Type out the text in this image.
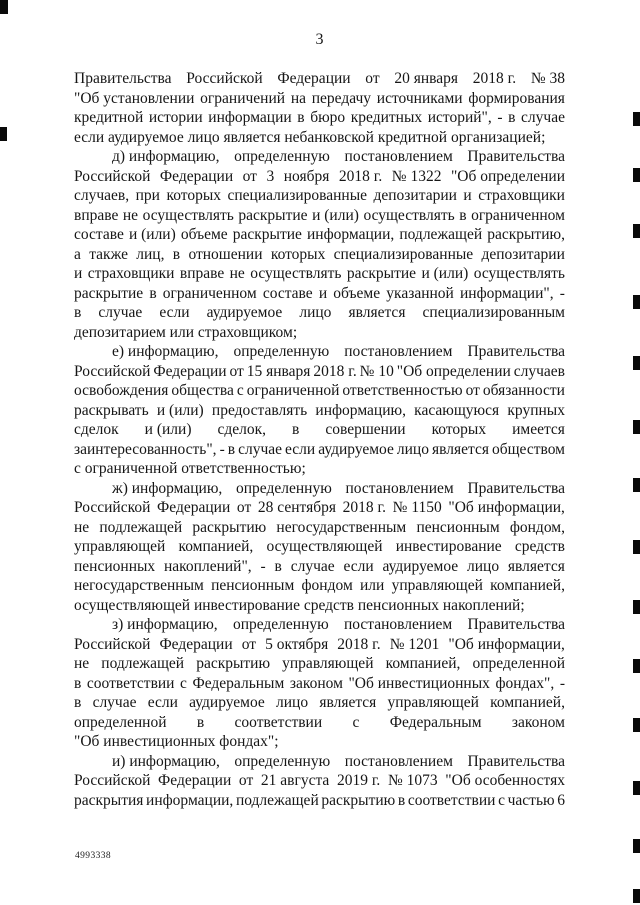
3
Правительства Российской Федерации от 20 января 2018 г. № 38
"Об установлении ограничений на передачу источниками формирования
кредитной истории информации в бюро кредитных историй", - в случае
если аудируемое лицо является небанковской кредитной организацией;
д) информацию, определенную постановлением Правительства
Российской Федерации от 3 ноября 2018 г. № 1322 "Об определении
случаев, при которых специализированные депозитарии и страховщики
вправе не осуществлять раскрытие и (или) осуществлять в ограниченном
составе и (или) объеме раскрытие информации, подлежащей раскрытию,
а также лиц, в отношении которых специализированные депозитарии
и страховщики вправе не осуществлять раскрытие и (или) осуществлять
раскрытие в ограниченном составе и объеме указанной информации", -
в случае если аудируемое лицо является специализированным
депозитарием или страховщиком;
е) информацию, определенную постановлением Правительства
Российской Федерации от 15 января 2018 г. № 10 "Об определении случаев
освобождения общества с ограниченной ответственностью от обязанности
раскрывать и (или) предоставлять информацию, касающуюся крупных
сделок и (или) сделок, в совершении которых имеется
заинтересованность", - в случае если аудируемое лицо является обществом
с ограниченной ответственностью;
ж) информацию, определенную постановлением Правительства
Российской Федерации от 28 сентября 2018 г. № 1150 "Об информации,
не подлежащей раскрытию негосударственным пенсионным фондом,
управляющей компанией, осуществляющей инвестирование средств
пенсионных накоплений", - в случае если аудируемое лицо является
негосударственным пенсионным фондом или управляющей компанией,
осуществляющей инвестирование средств пенсионных накоплений;
з) информацию, определенную постановлением Правительства
Российской Федерации от 5 октября 2018 г. № 1201 "Об информации,
не подлежащей раскрытию управляющей компанией, определенной
в соответствии с Федеральным законом "Об инвестиционных фондах", -
в случае если аудируемое лицо является управляющей компанией,
определенной в соответствии с Федеральным законом
"Об инвестиционных фондах";
и) информацию, определенную постановлением Правительства
Российской Федерации от 21 августа 2019 г. № 1073 "Об особенностях
раскрытия информации, подлежащей раскрытию в соответствии с частью 6
4993338
